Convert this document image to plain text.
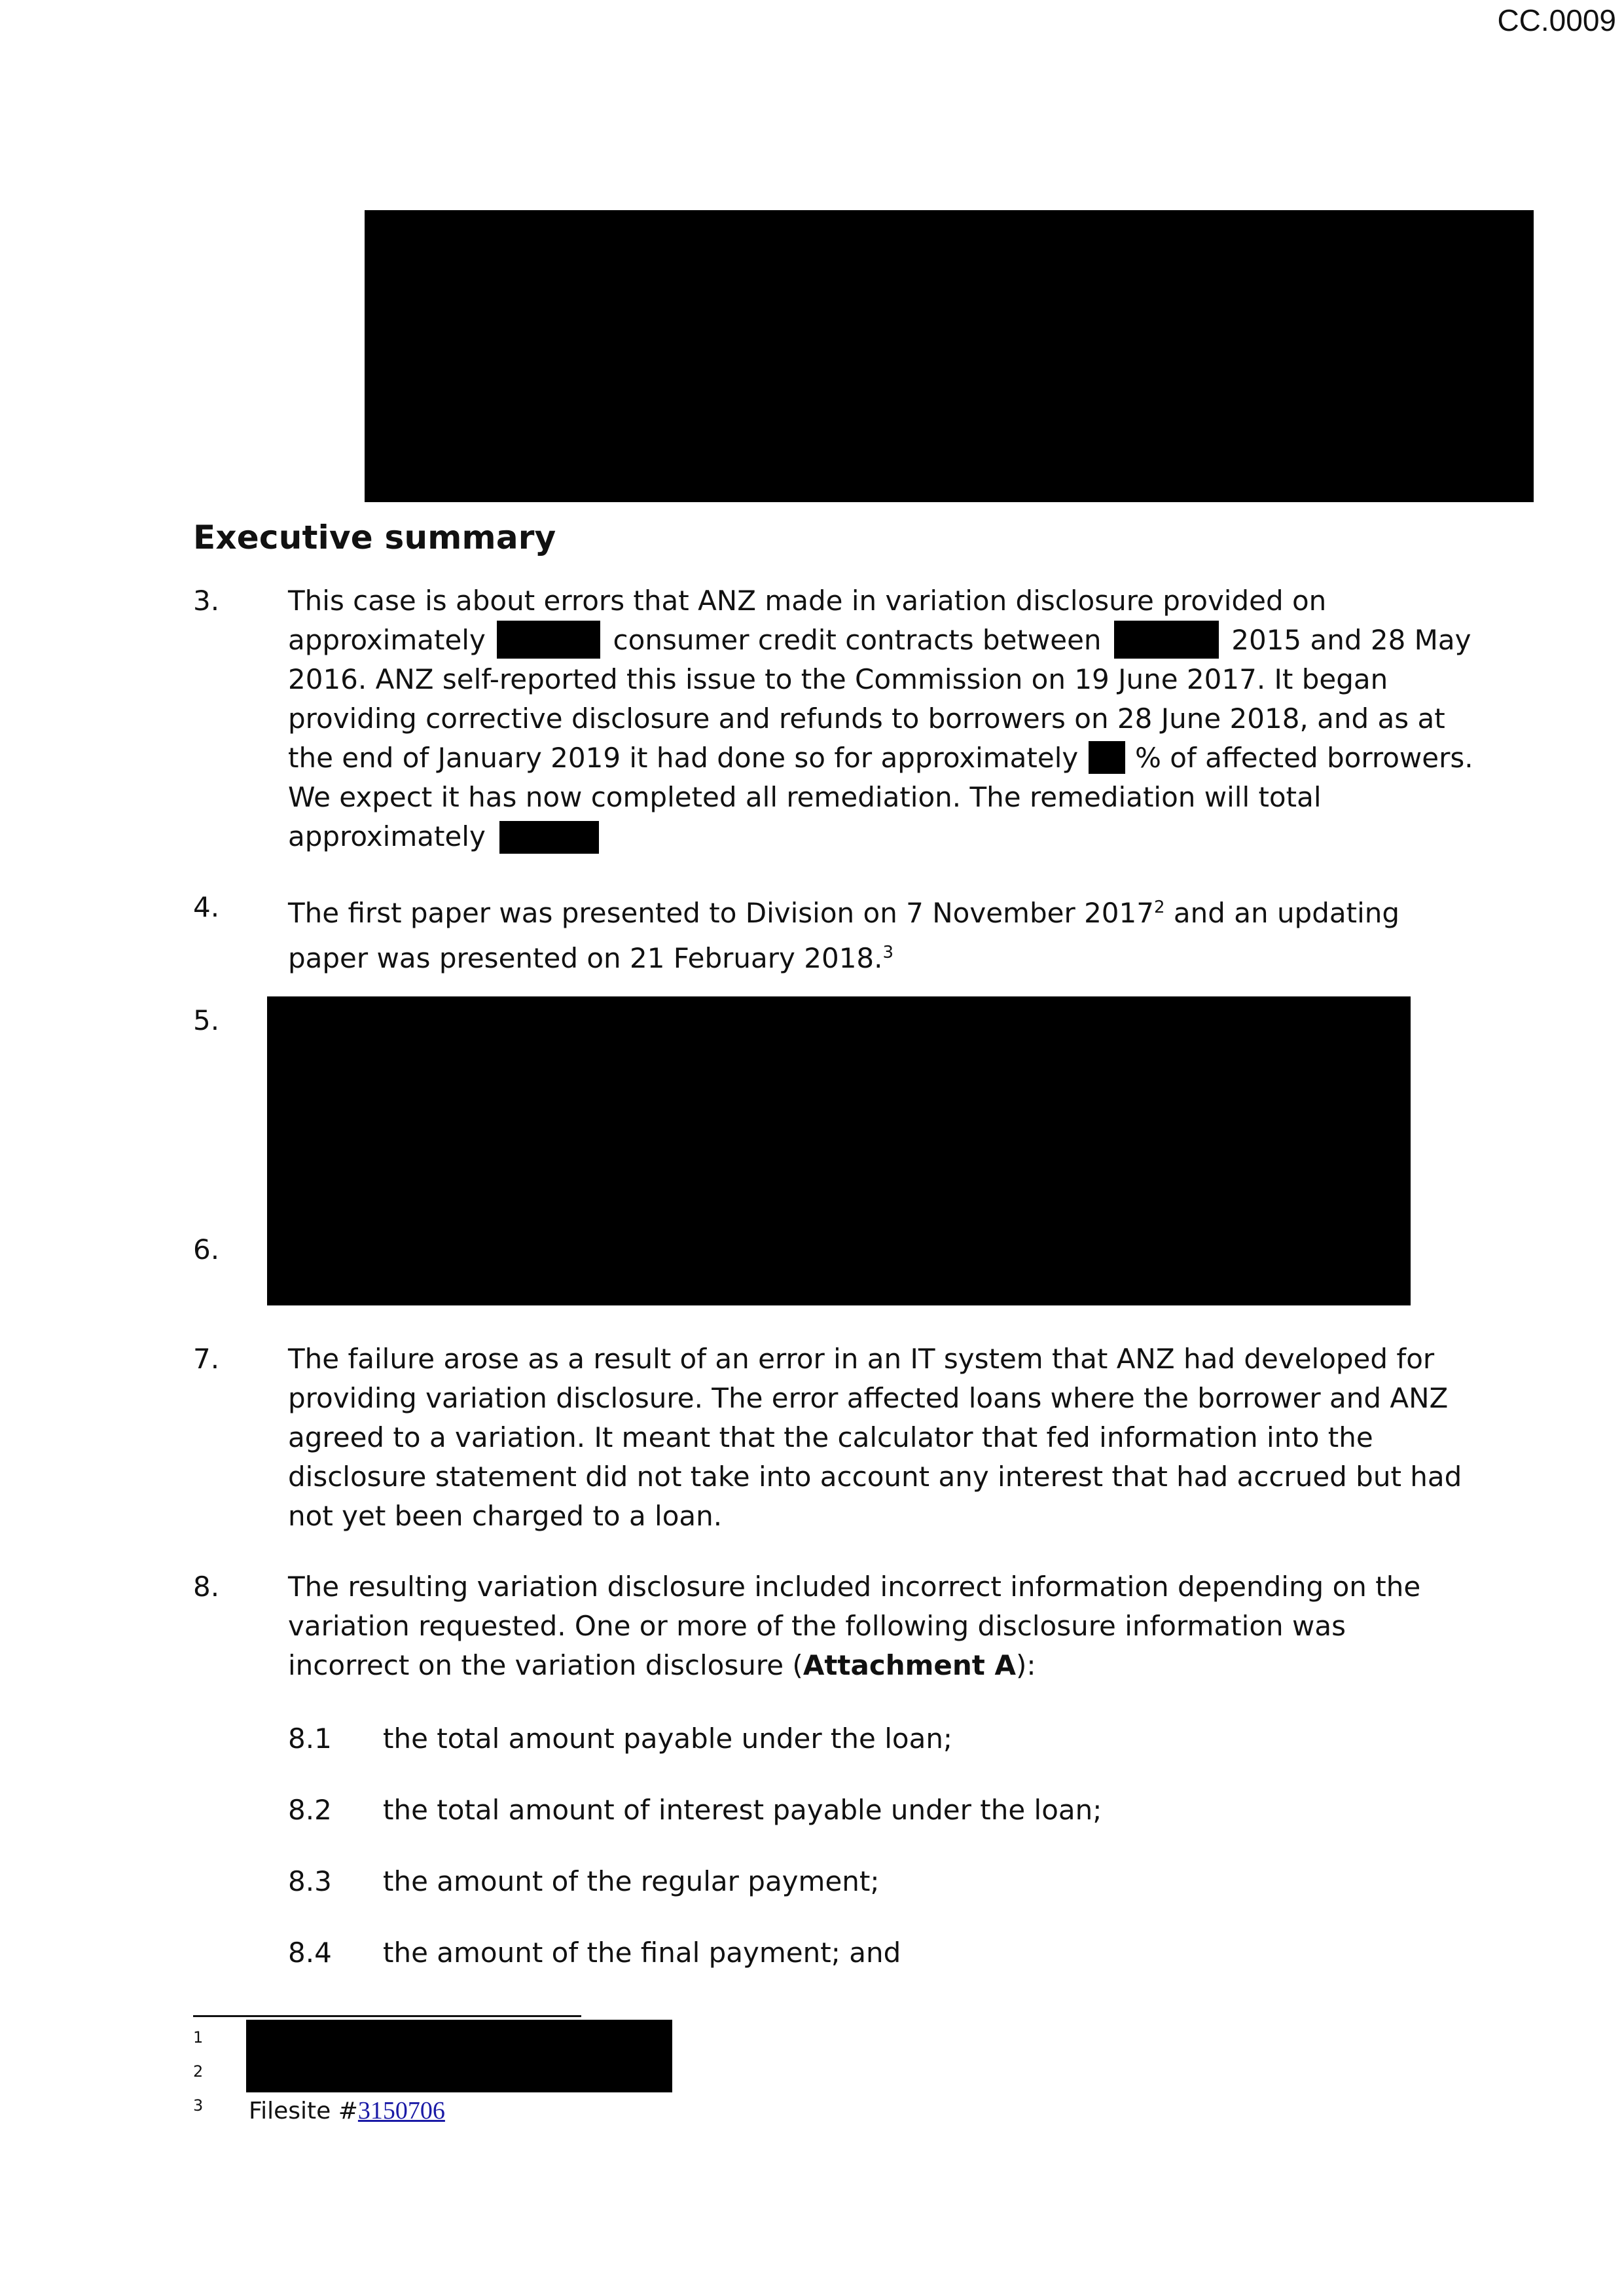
CC.0009
Executive summary
3. This case is about errors that ANZ made in variation disclosure provided on
approximately	consumer credit contracts between	2015 and 28 May
2016. ANZ self-reported this issue to the Commission on 19 June 2017. It began
providing corrective disclosure and refunds to borrowers on 28 June 2018, and as at
the end of January 2019 it had done so for approximately % of affected borrowers.
We expect it has now completed all remediation. The remediation will total
approximately
4. The first paper was presented to Division on 7 November 2017$^2$ and an updating
paper was presented on 21 February 2018.$^3$
5.
6.
7. The failure arose as a result of an error in an IT system that ANZ had developed for
providing variation disclosure. The error affected loans where the borrower and ANZ
agreed to a variation. It meant that the calculator that fed information into the
disclosure statement did not take into account any interest that had accrued but had
not yet been charged to a loan.
8. The resulting variation disclosure included incorrect information depending on the
variation requested. One or more of the following disclosure information was
incorrect on the variation disclosure (Attachment A):
8.1 the total amount payable under the loan;
8.2 the total amount of interest payable under the loan;
8.3 the amount of the regular payment;
8.4 the amount of the final payment; and
1
2
3 Filesite #3150706
